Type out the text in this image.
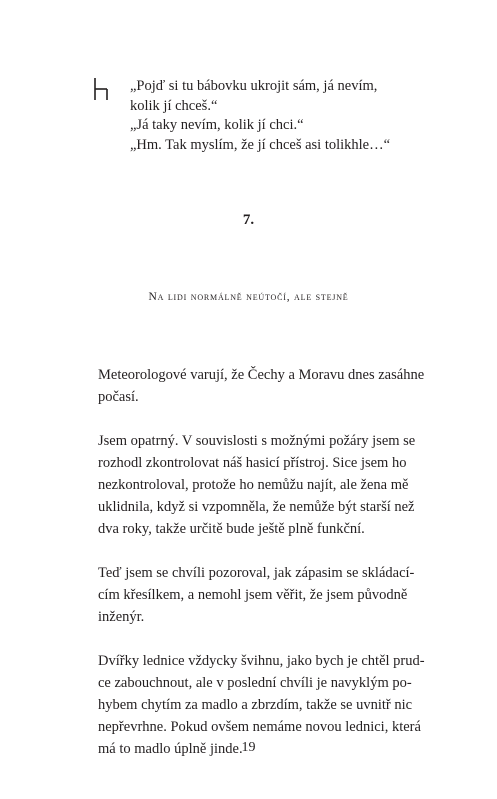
„Pojď si tu bábovku ukrojit sám, já nevím,
kolik jí chceš.“
„Já taky nevím, kolik jí chci.“
„Hm. Tak myslím, že jí chceš asi tolikhle…“
7.
Na lidi normálně neútočí, ale stejně

Meteorologové varují, že Čechy a Moravu dnes zasáhne
počasí.

Jsem opatrný. V souvislosti s možnými požáry jsem se
rozhodl zkontrolovat náš hasicí přístroj. Sice jsem ho
nezkontroloval, protože ho nemůžu najít, ale žena mě
uklidnila, když si vzpomněla, že nemůže být starší než
dva roky, takže určitě bude ještě plně funkční.

Teď jsem se chvíli pozoroval, jak zápasim se skládací-
cím křesílkem, a nemohl jsem věřit, že jsem původně
inženýr.

Dvířky lednice vždycky švihnu, jako bych je chtěl prud-
ce zabouchnout, ale v poslední chvíli je navyklým po-
hybem chytím za madlo a zbrzdím, takže se uvnitř nic
nepřevrhne. Pokud ovšem nemáme novou lednici, která
má to madlo úplně jinde.

19
